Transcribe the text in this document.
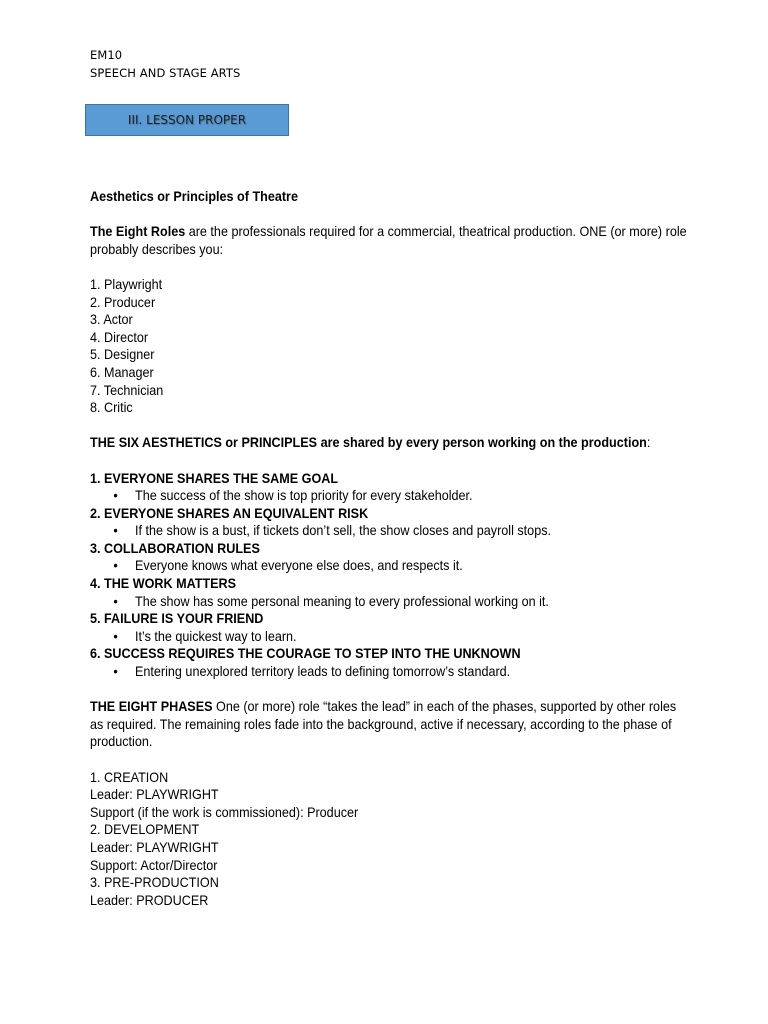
EM10
SPEECH AND STAGE ARTS
III. LESSON PROPER

Aesthetics or Principles of Theatre

The Eight Roles are the professionals required for a commercial, theatrical production. ONE (or more) role probably describes you:

1. Playwright

2. Producer

3. Actor

4. Director

5. Designer

6. Manager

7. Technician

8. Critic

THE SIX AESTHETICS or PRINCIPLES are shared by every person working on the production:

1. EVERYONE SHARES THE SAME GOAL

• The success of the show is top priority for every stakeholder.

2. EVERYONE SHARES AN EQUIVALENT RISK

• If the show is a bust, if tickets don’t sell, the show closes and payroll stops.

3. COLLABORATION RULES

• Everyone knows what everyone else does, and respects it.

4. THE WORK MATTERS

• The show has some personal meaning to every professional working on it.

5. FAILURE IS YOUR FRIEND

• It’s the quickest way to learn.

6. SUCCESS REQUIRES THE COURAGE TO STEP INTO THE UNKNOWN

• Entering unexplored territory leads to defining tomorrow’s standard.

THE EIGHT PHASES One (or more) role “takes the lead” in each of the phases, supported by other roles as required. The remaining roles fade into the background, active if necessary, according to the phase of production.

1. CREATION

Leader: PLAYWRIGHT

Support (if the work is commissioned): Producer

2. DEVELOPMENT

Leader: PLAYWRIGHT

Support: Actor/Director

3. PRE-PRODUCTION

Leader: PRODUCER
